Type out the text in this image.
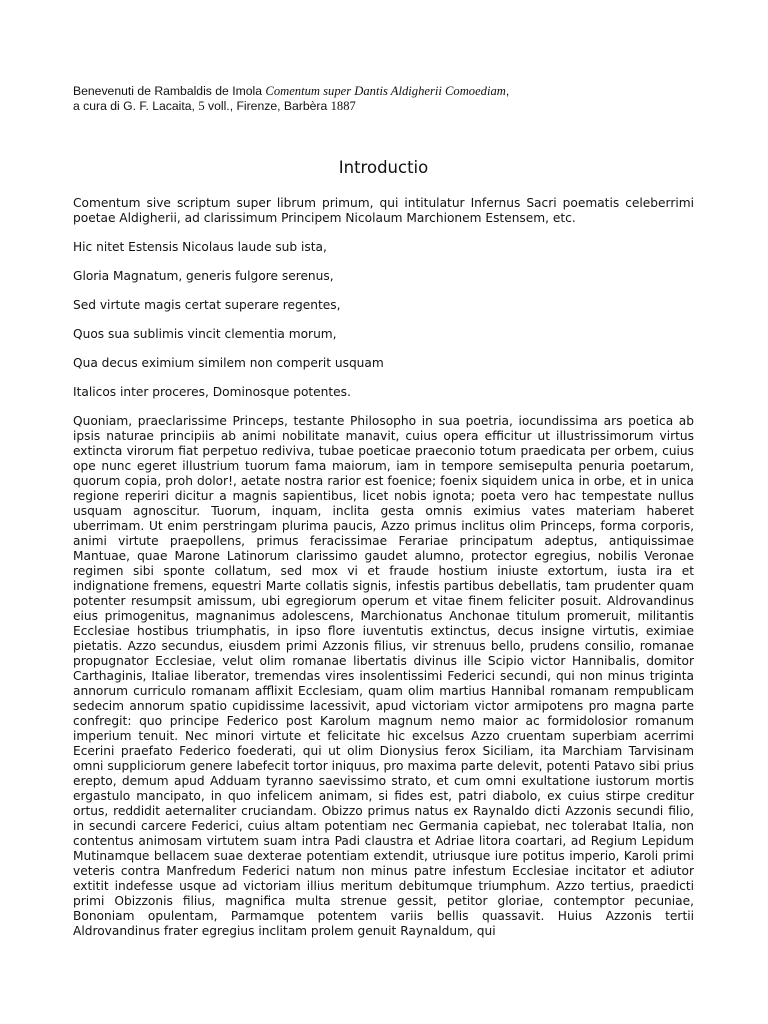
Benevenuti de Rambaldis de Imola Comentum super Dantis Aldigherii Comoediam,
a cura di G. F. Lacaita, 5 voll., Firenze, Barbèra 1887

Introductio

Comentum sive scriptum super librum primum, qui intitulatur Infernus Sacri poematis celeberrimi poetae Aldigherii, ad clarissimum Principem Nicolaum Marchionem Estensem, etc.

Hic nitet Estensis Nicolaus laude sub ista,

Gloria Magnatum, generis fulgore serenus,

Sed virtute magis certat superare regentes,

Quos sua sublimis vincit clementia morum,

Qua decus eximium similem non comperit usquam

Italicos inter proceres, Dominosque potentes.

Quoniam, praeclarissime Princeps, testante Philosopho in sua poetria, iocundissima ars poetica ab ipsis naturae principiis ab animi nobilitate manavit, cuius opera efficitur ut illustrissimorum virtus extincta virorum fiat perpetuo rediviva, tubae poeticae praeconio totum praedicata per orbem, cuius ope nunc egeret illustrium tuorum fama maiorum, iam in tempore semisepulta penuria poetarum, quorum copia, proh dolor!, aetate nostra rarior est foenice; foenix siquidem unica in orbe, et in unica regione reperiri dicitur a magnis sapientibus, licet nobis ignota; poeta vero hac tempestate nullus usquam agnoscitur. Tuorum, inquam, inclita gesta omnis eximius vates materiam haberet uberrimam. Ut enim perstringam plurima paucis, Azzo primus inclitus olim Princeps, forma corporis, animi virtute praepollens, primus feracissimae Ferariae principatum adeptus, antiquissimae Mantuae, quae Marone Latinorum clarissimo gaudet alumno, protector egregius, nobilis Veronae regimen sibi sponte collatum, sed mox vi et fraude hostium iniuste extortum, iusta ira et indignatione fremens, equestri Marte collatis signis, infestis partibus debellatis, tam prudenter quam potenter resumpsit amissum, ubi egregiorum operum et vitae finem feliciter posuit. Aldrovandinus eius primogenitus, magnanimus adolescens, Marchionatus Anchonae titulum promeruit, militantis Ecclesiae hostibus triumphatis, in ipso flore iuventutis extinctus, decus insigne virtutis, eximiae pietatis. Azzo secundus, eiusdem primi Azzonis filius, vir strenuus bello, prudens consilio, romanae propugnator Ecclesiae, velut olim romanae libertatis divinus ille Scipio victor Hannibalis, domitor Carthaginis, Italiae liberator, tremendas vires insolentissimi Federici secundi, qui non minus triginta annorum curriculo romanam afflixit Ecclesiam, quam olim martius Hannibal romanam rempublicam sedecim annorum spatio cupidissime lacessivit, apud victoriam victor armipotens pro magna parte confregit: quo principe Federico post Karolum magnum nemo maior ac formidolosior romanum imperium tenuit. Nec minori virtute et felicitate hic excelsus Azzo cruentam superbiam acerrimi Ecerini praefato Federico foederati, qui ut olim Dionysius ferox Siciliam, ita Marchiam Tarvisinam omni suppliciorum genere labefecit tortor iniquus, pro maxima parte delevit, potenti Patavo sibi prius erepto, demum apud Adduam tyranno saevissimo strato, et cum omni exultatione iustorum mortis ergastulo mancipato, in quo infelicem animam, si fides est, patri diabolo, ex cuius stirpe creditur ortus, reddidit aeternaliter cruciandam. Obizzo primus natus ex Raynaldo dicti Azzonis secundi filio, in secundi carcere Federici, cuius altam potentiam nec Germania capiebat, nec tolerabat Italia, non contentus animosam virtutem suam intra Padi claustra et Adriae litora coartari, ad Regium Lepidum Mutinamque bellacem suae dexterae potentiam extendit, utriusque iure potitus imperio, Karoli primi veteris contra Manfredum Federici natum non minus patre infestum Ecclesiae incitator et adiutor extitit indefesse usque ad victoriam illius meritum debitumque triumphum. Azzo tertius, praedicti primi Obizzonis filius, magnifica multa strenue gessit, petitor gloriae, contemptor pecuniae, Bononiam opulentam, Parmamque potentem variis bellis quassavit. Huius Azzonis tertii Aldrovandinus frater egregius inclitam prolem genuit Raynaldum, qui
